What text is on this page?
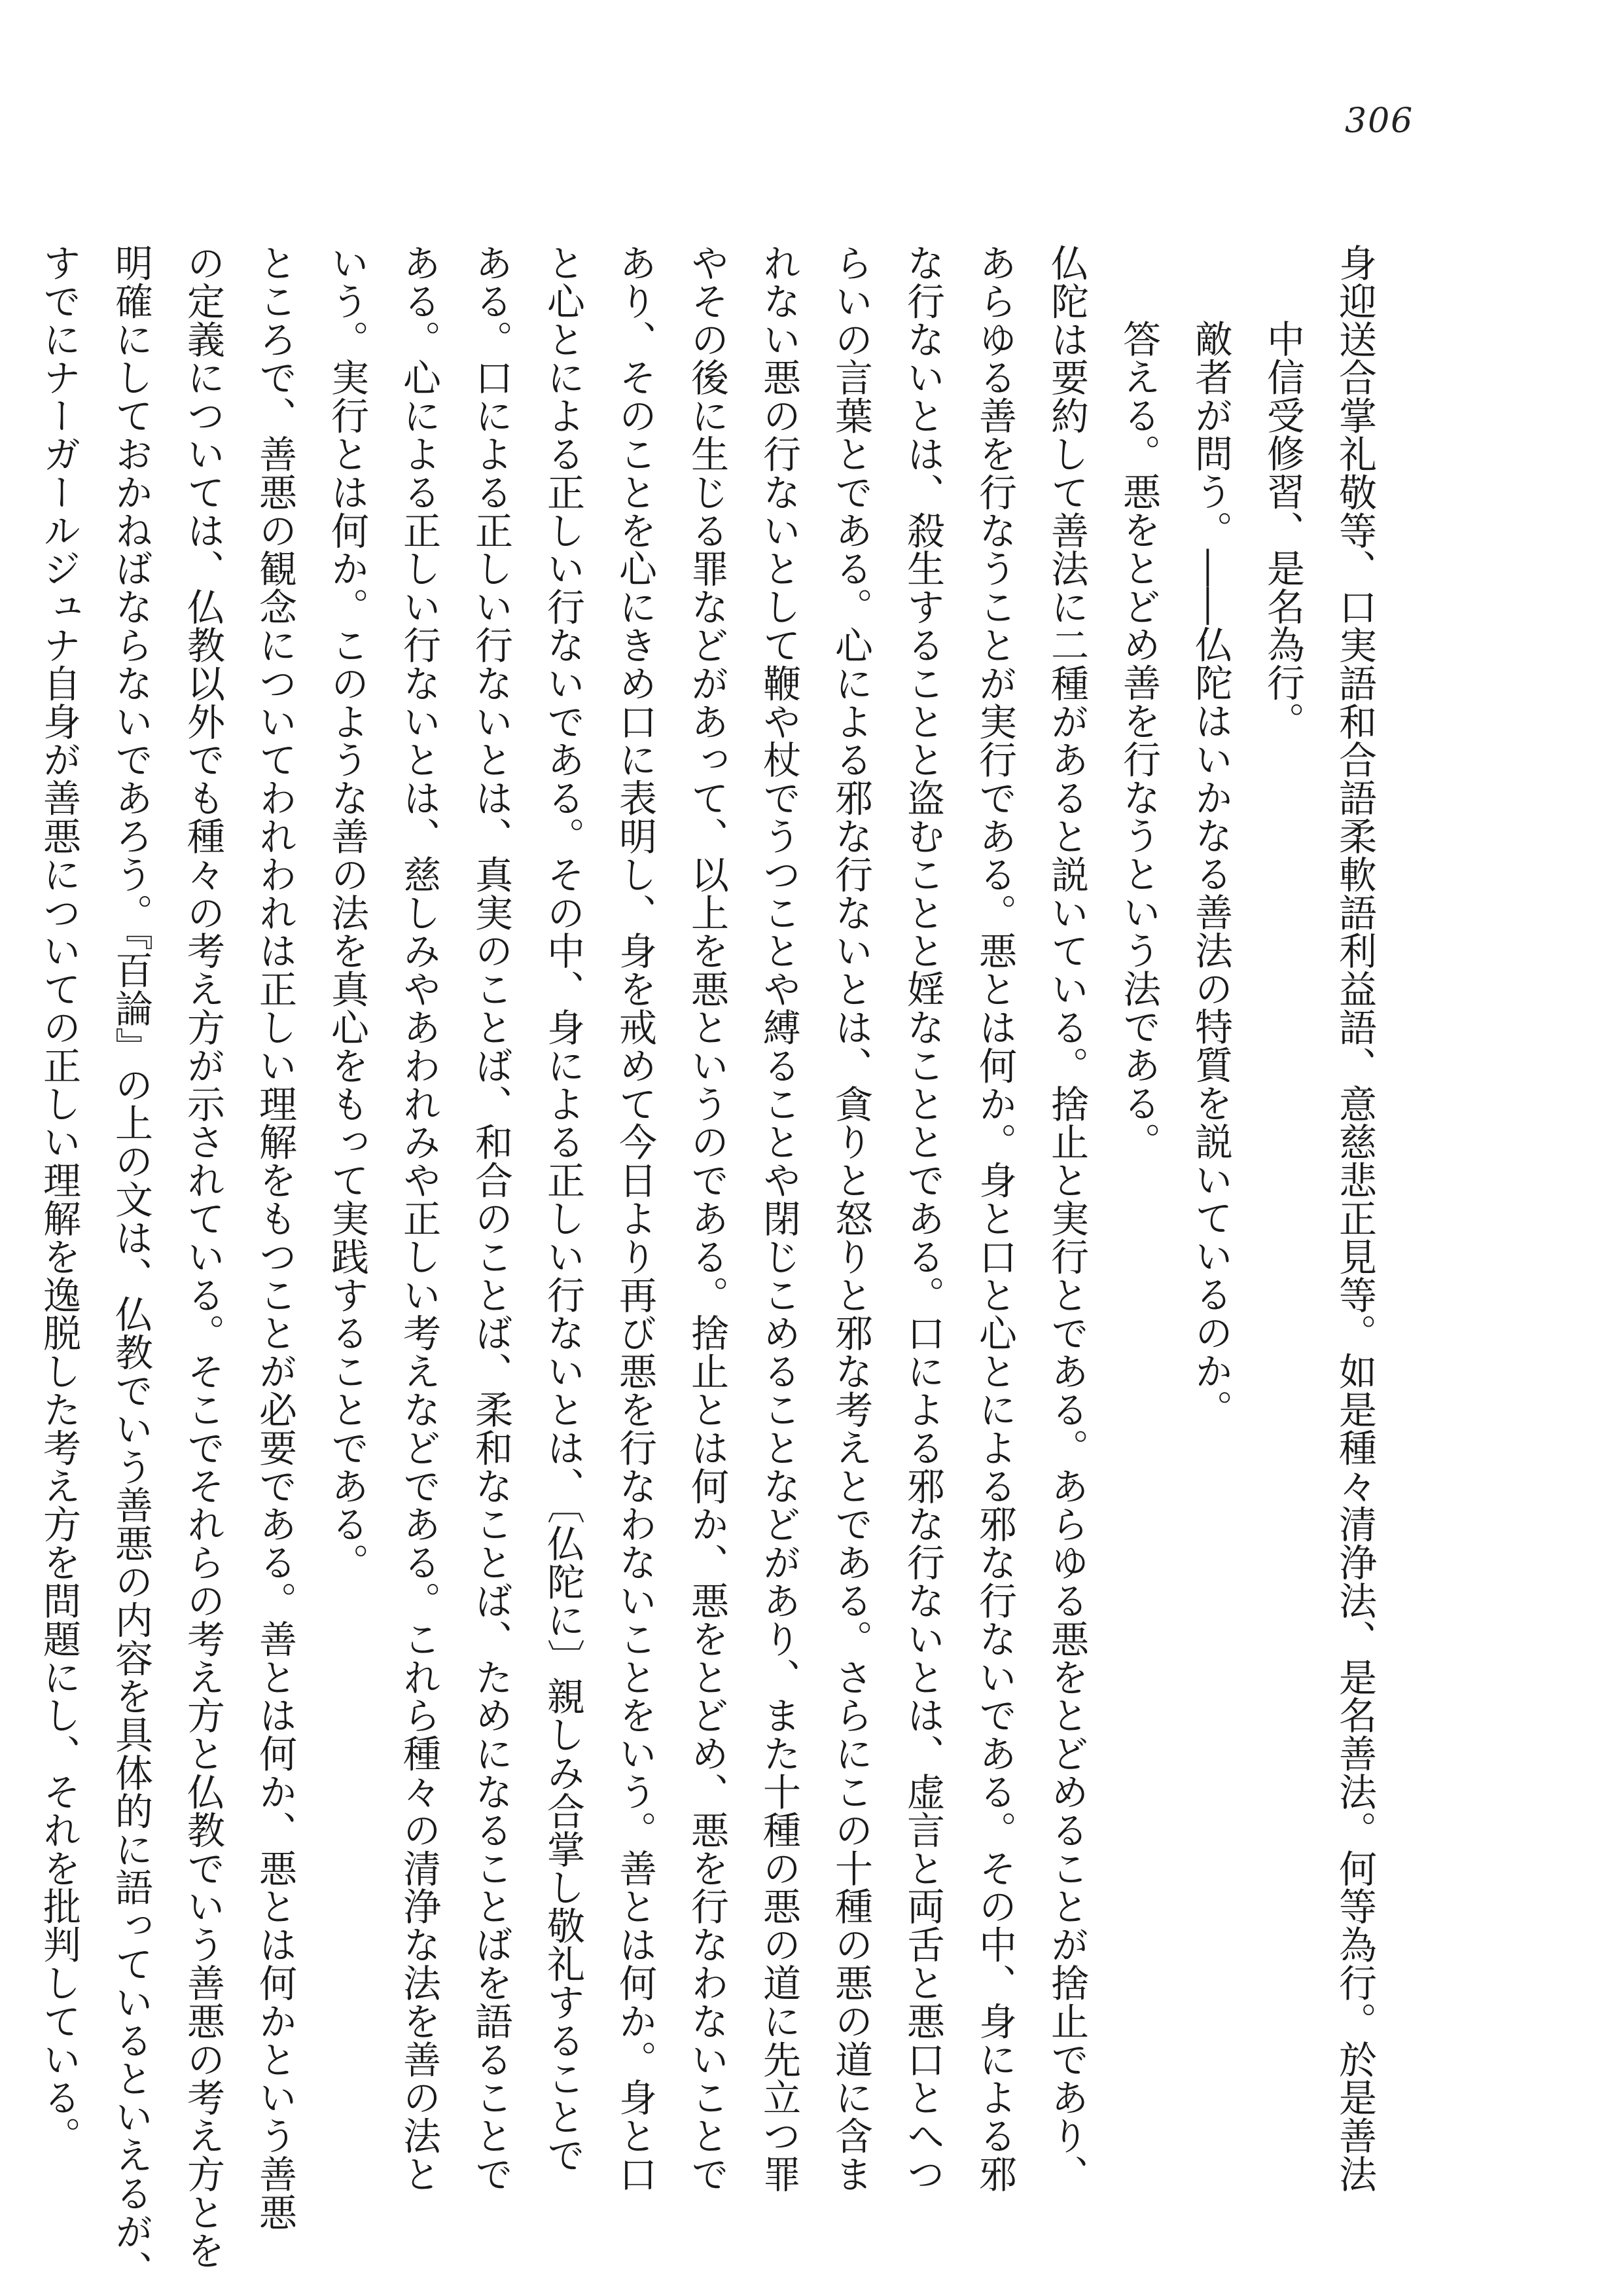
306
身迎送合掌礼敬等、口実語和合語柔軟語利益語、意慈悲正見等。如是種々清浄法、是名善法。何等為行。於是善法
中信受修習、是名為行。
敵者が問う。――仏陀はいかなる善法の特質を説いているのか。
答える。悪をとどめ善を行なうという法である。
仏陀は要約して善法に二種があると説いている。捨止と実行とである。あらゆる悪をとどめることが捨止であり、
あらゆる善を行なうことが実行である。悪とは何か。身と口と心とによる邪な行ないである。その中、身による邪
な行ないとは、殺生することと盗むことと婬なこととである。口による邪な行ないとは、虚言と両舌と悪口とへつ
らいの言葉とである。心による邪な行ないとは、貪りと怒りと邪な考えとである。さらにこの十種の悪の道に含ま
れない悪の行ないとして鞭や杖でうつことや縛ることや閉じこめることなどがあり、また十種の悪の道に先立つ罪
やその後に生じる罪などがあって、以上を悪というのである。捨止とは何か、悪をとどめ、悪を行なわないことで
あり、そのことを心にきめ口に表明し、身を戒めて今日より再び悪を行なわないことをいう。善とは何か。身と口
と心とによる正しい行ないである。その中、身による正しい行ないとは、〔仏陀に〕親しみ合掌し敬礼することで
ある。口による正しい行ないとは、真実のことば、和合のことば、柔和なことば、ためになることばを語ることで
ある。心による正しい行ないとは、慈しみやあわれみや正しい考えなどである。これら種々の清浄な法を善の法と
いう。実行とは何か。このような善の法を真心をもって実践することである。
ところで、善悪の観念についてわれわれは正しい理解をもつことが必要である。善とは何か、悪とは何かという善悪
の定義については、仏教以外でも種々の考え方が示されている。そこでそれらの考え方と仏教でいう善悪の考え方とを
明確にしておかねばならないであろう。『百論』の上の文は、仏教でいう善悪の内容を具体的に語っているといえるが、
すでにナーガールジュナ自身が善悪についての正しい理解を逸脱した考え方を問題にし、それを批判している。
